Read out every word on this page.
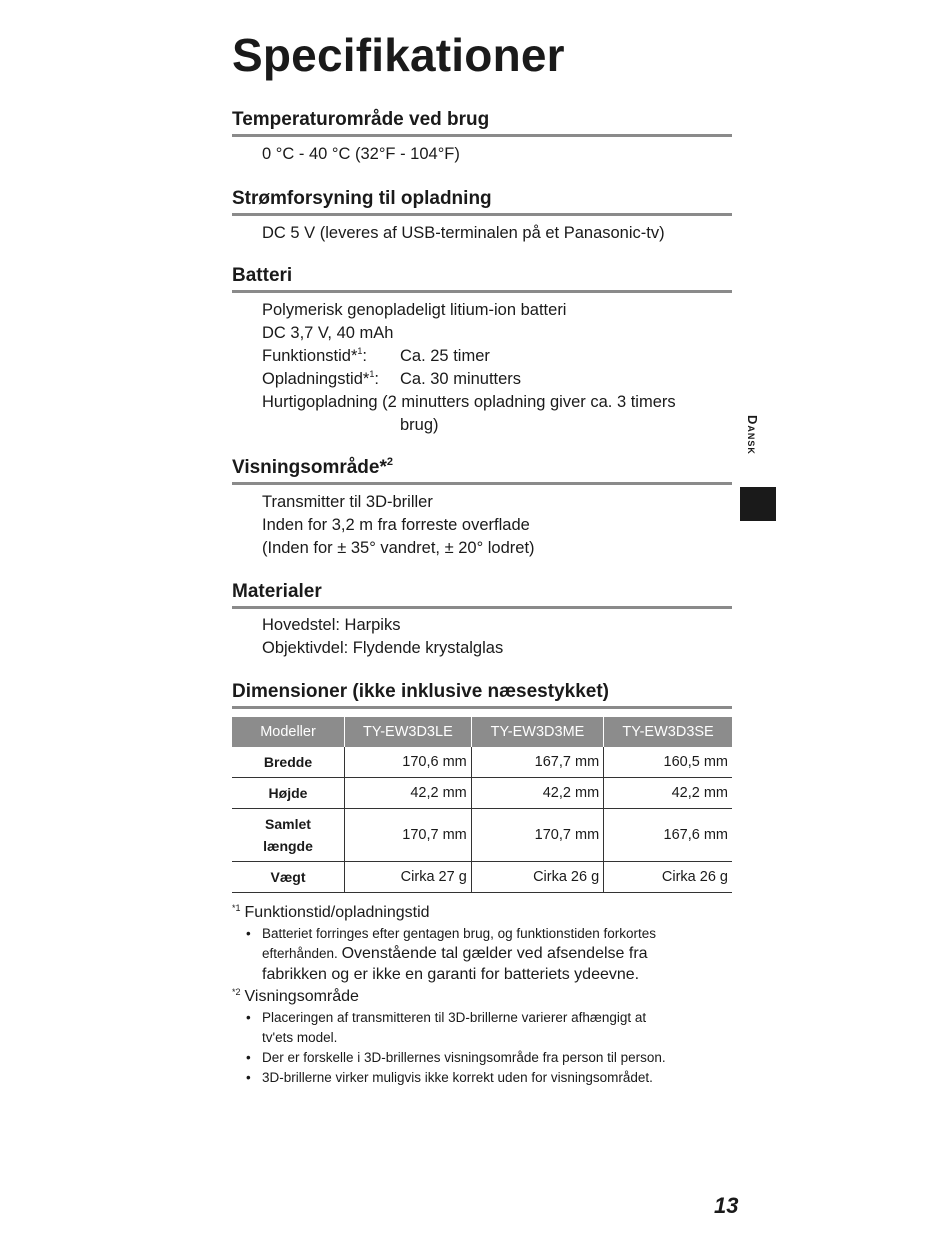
Specifikationer
Dansk
Temperaturområde ved brug
0 °C - 40 °C (32°F - 104°F)
Strømforsyning til opladning
DC 5 V (leveres af USB-terminalen på et Panasonic-tv)
Batteri
Polymerisk genopladeligt litium-ion batteri
DC 3,7 V, 40 mAh
Funktionstid*$^1$: Ca. 25 timer
Opladningstid*$^1$: Ca. 30 minutters
Hurtigopladning (2 minutters opladning giver ca. 3 timers
brug)
Visningsområde*$^2$
Transmitter til 3D-briller
Inden for 3,2 m fra forreste overflade
(Inden for ± 35° vandret, ± 20° lodret)
Materialer
Hovedstel: Harpiks
Objektivdel: Flydende krystalglas
Dimensioner (ikke inklusive næsestykket)
Modeller	TY-EW3D3LE	TY-EW3D3ME	TY-EW3D3SE
Bredde	170,6 mm	167,7 mm	160,5 mm
Højde	42,2 mm	42,2 mm	42,2 mm

Samlet
længde	170,7 mm	170,7 mm	167,6 mm
Vægt	Cirka 27 g	Cirka 26 g	Cirka 26 g
$^{*1}$ Funktionstid/opladningstid
• Batteriet forringes efter gentagen brug, og funktionstiden forkortes
efterhånden. Ovenstående tal gælder ved afsendelse fra
fabrikken og er ikke en garanti for batteriets ydeevne.
$^{*2}$ Visningsområde
• Placeringen af transmitteren til 3D-brillerne varierer afhængigt at
tv'ets model.
• Der er forskelle i 3D-brillernes visningsområde fra person til person.
• 3D-brillerne virker muligvis ikke korrekt uden for visningsområdet.
13
